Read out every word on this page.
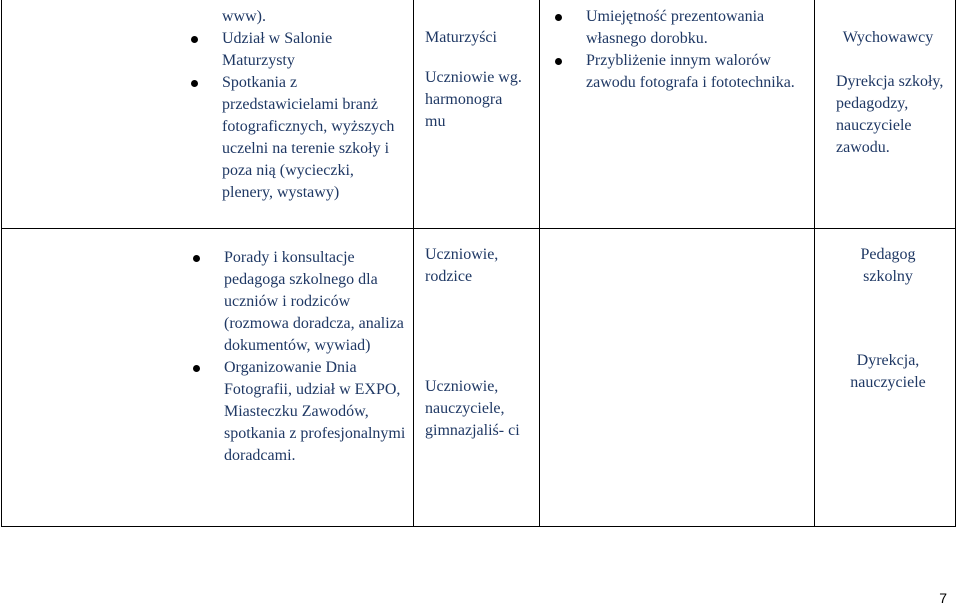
www).

Udział w Salonie Maturzysty
Spotkania z przedstawicielami branż fotograficznych, wyższych uczelni na terenie szkoły i poza nią (wycieczki, plenery, wystawy)

Maturzyści

Uczniowie wg. harmonogra mu

Umiejętność prezentowania własnego dorobku.
Przybliżenie innym walorów zawodu fotografa i fototechnika.

Wychowawcy

Dyrekcja szkoły, pedagodzy, nauczyciele zawodu.

Porady i konsultacje pedagoga szkolnego dla uczniów i rodziców (rozmowa doradcza, analiza dokumentów, wywiad)
Organizowanie Dnia Fotografii, udział w EXPO, Miasteczku Zawodów, spotkania z profesjonalnymi doradcami.

Uczniowie, rodzice

Uczniowie, nauczyciele, gimnazjaliś- ci

Pedagog szkolny

Dyrekcja, nauczyciele

7
